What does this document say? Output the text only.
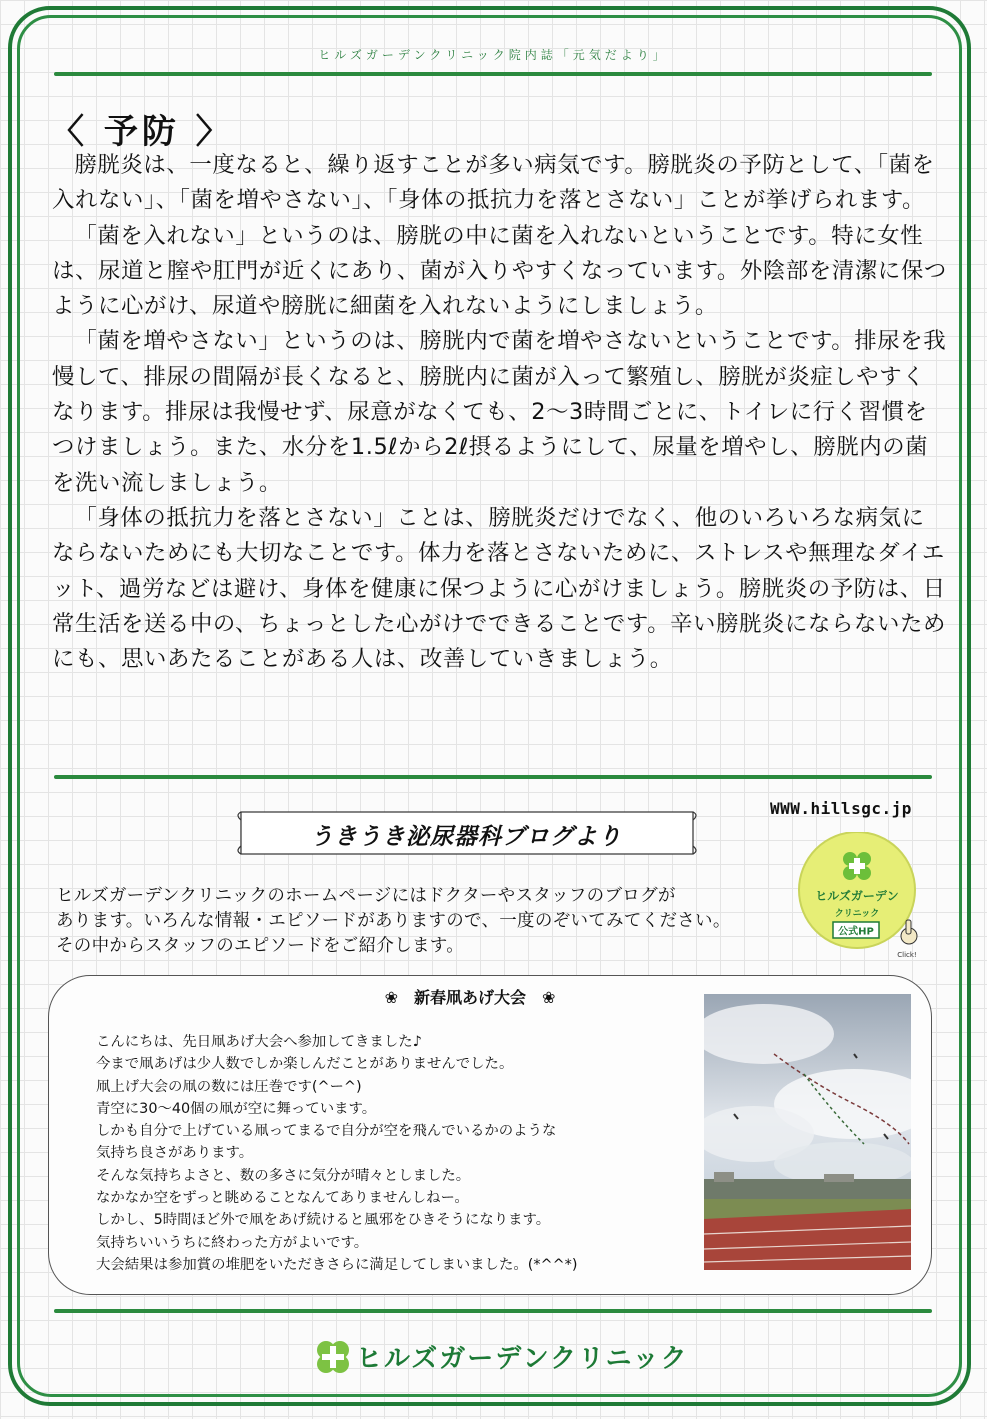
ヒルズガーデンクリニック院内誌「元気だより」
〈 予防 〉

膀胱炎は、一度なると、繰り返すことが多い病気です。膀胱炎の予防として、「菌を入れない」、「菌を増やさない」、「身体の抵抗力を落とさない」ことが挙げられます。

「菌を入れない」というのは、膀胱の中に菌を入れないということです。特に女性は、尿道と膣や肛門が近くにあり、菌が入りやすくなっています。外陰部を清潔に保つように心がけ、尿道や膀胱に細菌を入れないようにしましょう。

「菌を増やさない」というのは、膀胱内で菌を増やさないということです。排尿を我慢して、排尿の間隔が長くなると、膀胱内に菌が入って繁殖し、膀胱が炎症しやすくなります。排尿は我慢せず、尿意がなくても、2～3時間ごとに、トイレに行く習慣をつけましょう。また、水分を1.5ℓから2ℓ摂るようにして、尿量を増やし、膀胱内の菌を洗い流しましょう。

「身体の抵抗力を落とさない」ことは、膀胱炎だけでなく、他のいろいろな病気にならないためにも大切なことです。体力を落とさないために、ストレスや無理なダイエット、過労などは避け、身体を健康に保つように心がけましょう。膀胱炎の予防は、日常生活を送る中の、ちょっとした心がけでできることです。辛い膀胱炎にならないためにも、思いあたることがある人は、改善していきましょう。

WWW.hillsgc.jp
うきうき泌尿器科ブログより
ヒルズガーデン
クリニック
公式HP
Click!

ヒルズガーデンクリニックのホームページにはドクターやスタッフのブログが

あります。いろんな情報・エピソードがありますので、一度のぞいてみてください。

その中からスタッフのエピソードをご紹介します。

❀　新春凧あげ大会　❀

こんにちは、先日凧あげ大会へ参加してきました♪

今まで凧あげは少人数でしか楽しんだことがありませんでした。

凧上げ大会の凧の数には圧巻です(^ー^)

青空に30～40個の凧が空に舞っています。

しかも自分で上げている凧ってまるで自分が空を飛んでいるかのような

気持ち良さがあります。

そんな気持ちよさと、数の多さに気分が晴々としました。

なかなか空をずっと眺めることなんてありませんしねー。

しかし、5時間ほど外で凧をあげ続けると風邪をひきそうになります。

気持ちいいうちに終わった方がよいです。

大会結果は参加賞の堆肥をいただきさらに満足してしまいました。(*^^*)

ヒルズガーデンクリニック
